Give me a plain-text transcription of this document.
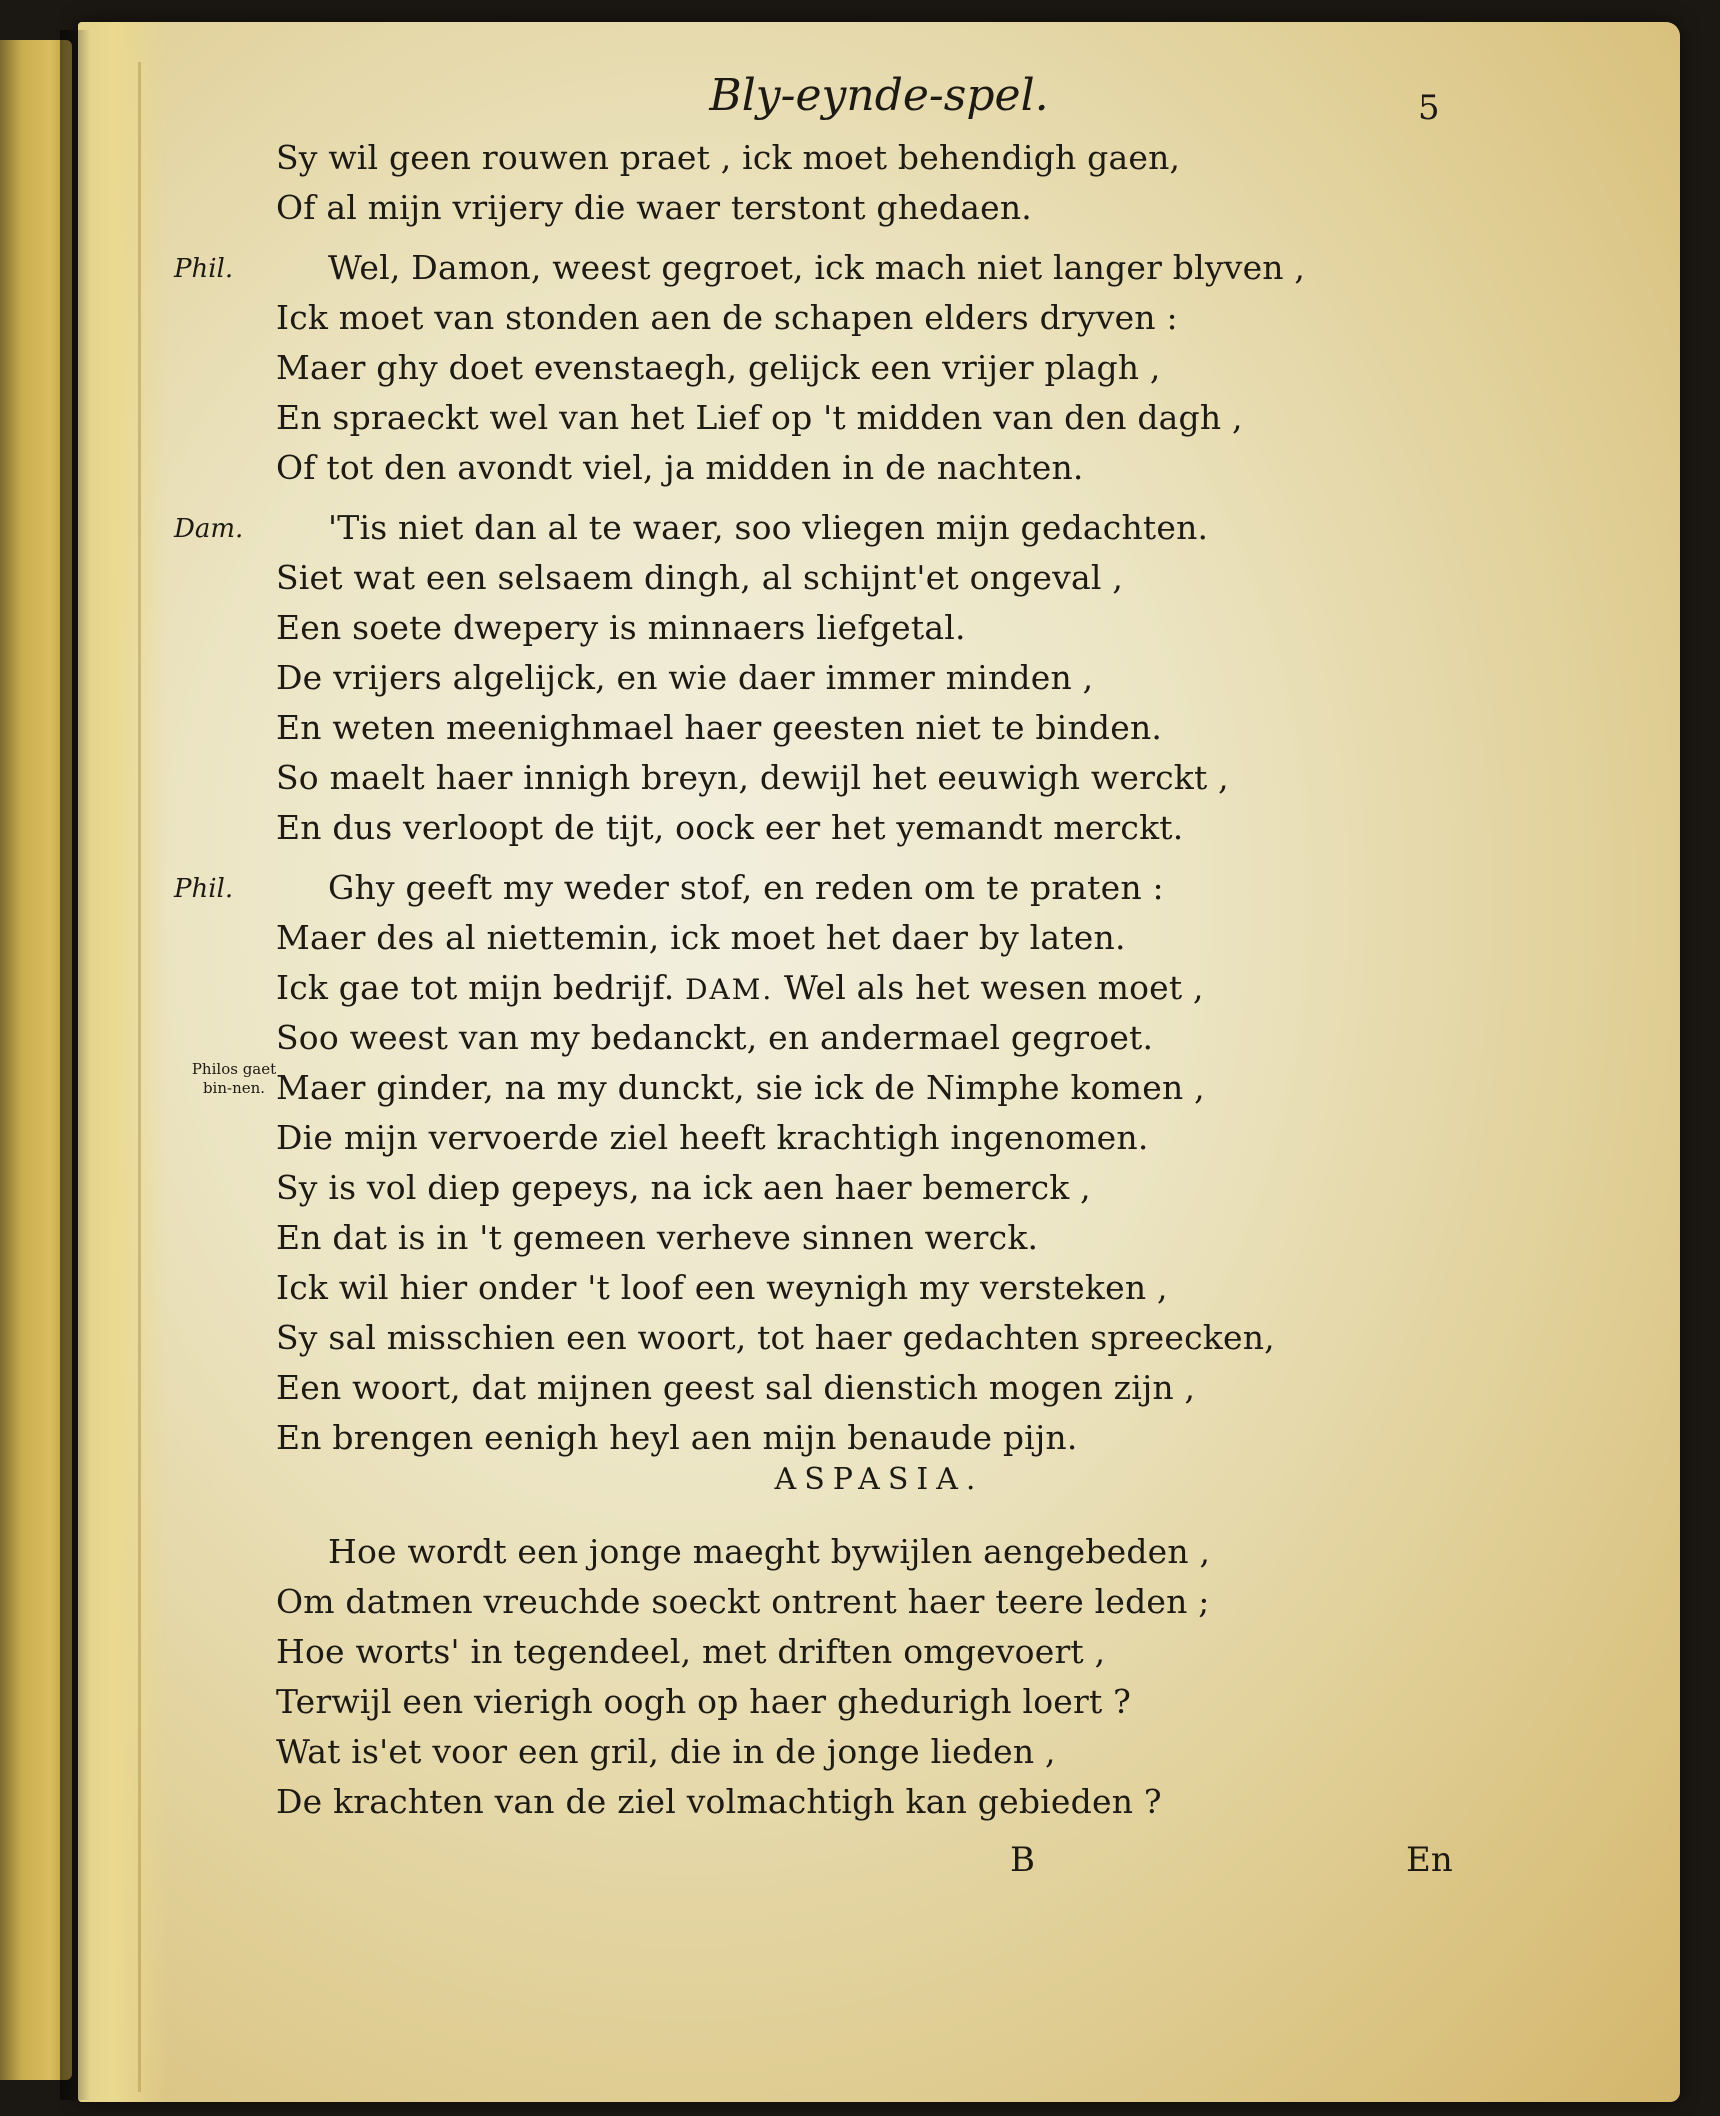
Bly-eynde-spel.	5
Phil.
Dam.
Phil.
Philos gaet bin-nen.
Sy wil geen rouwen praet , ick moet behendigh gaen,
Of al mijn vrijery die waer terstont ghedaen.
Wel, Damon, weest gegroet, ick mach niet langer blyven ,
Ick moet van stonden aen de schapen elders dryven :
Maer ghy doet evenstaegh, gelijck een vrijer plagh ,
En spraeckt wel van het Lief op 't midden van den dagh ,
Of tot den avondt viel, ja midden in de nachten.
'Tis niet dan al te waer, soo vliegen mijn gedachten.
Siet wat een selsaem dingh, al schijnt'et ongeval ,
Een soete dwepery is minnaers liefgetal.
De vrijers algelijck, en wie daer immer minden ,
En weten meenighmael haer geesten niet te binden.
So maelt haer innigh breyn, dewijl het eeuwigh werckt ,
En dus verloopt de tijt, oock eer het yemandt merckt.
Ghy geeft my weder stof, en reden om te praten :
Maer des al niettemin, ick moet het daer by laten.
Ick gae tot mijn bedrijf. DAM. Wel als het wesen moet ,
Soo weest van my bedanckt, en andermael gegroet.
Maer ginder, na my dunckt, sie ick de Nimphe komen ,
Die mijn vervoerde ziel heeft krachtigh ingenomen.
Sy is vol diep gepeys, na ick aen haer bemerck ,
En dat is in 't gemeen verheve sinnen werck.
Ick wil hier onder 't loof een weynigh my versteken ,
Sy sal misschien een woort, tot haer gedachten spreecken,
Een woort, dat mijnen geest sal dienstich mogen zijn ,
En brengen eenigh heyl aen mijn benaude pijn.
ASPASIA.
Hoe wordt een jonge maeght bywijlen aengebeden ,
Om datmen vreuchde soeckt ontrent haer teere leden ;
Hoe worts' in tegendeel, met driften omgevoert ,
Terwijl een vierigh oogh op haer ghedurigh loert ?
Wat is'et voor een gril, die in de jonge lieden ,
De krachten van de ziel volmachtigh kan gebieden ?
B	En
